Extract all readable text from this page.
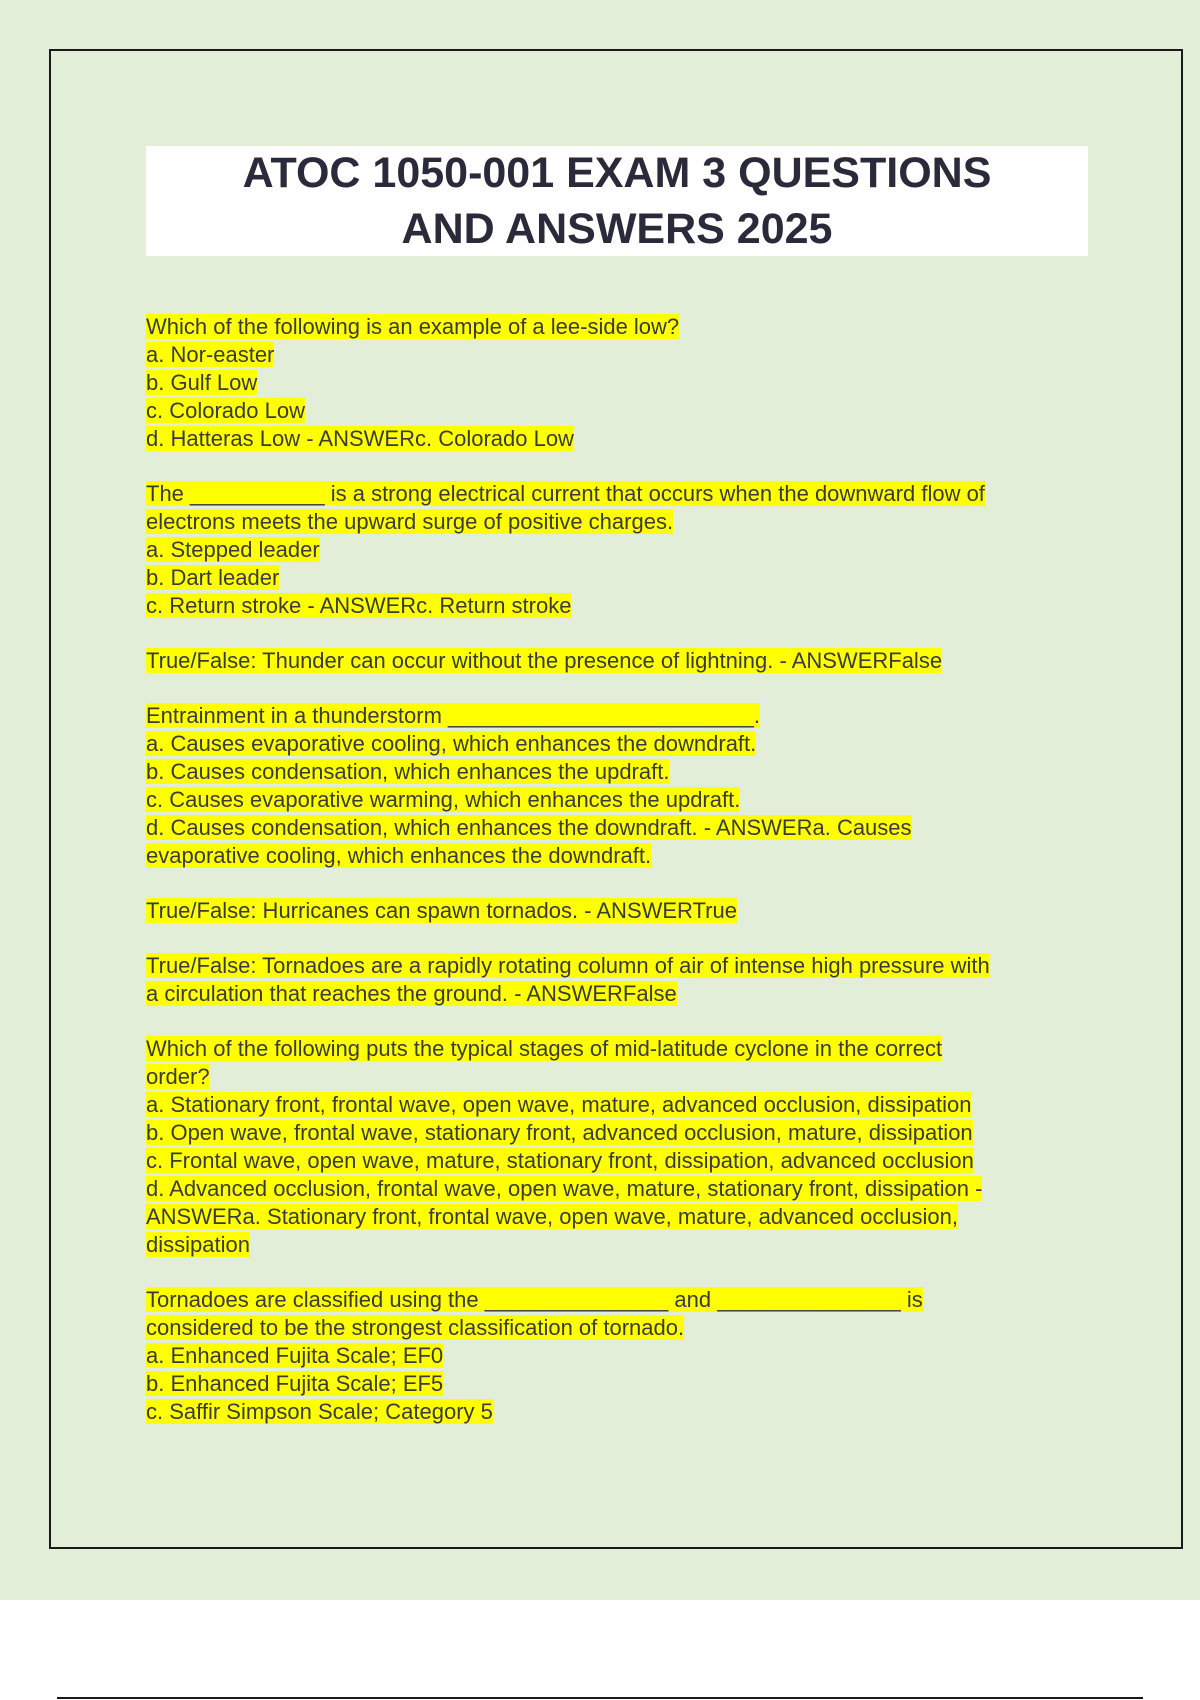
ATOC 1050-001 EXAM 3 QUESTIONS
AND ANSWERS 2025
Which of the following is an example of a lee-side low?
a. Nor-easter
b. Gulf Low
c. Colorado Low
d. Hatteras Low - ANSWERc. Colorado Low
The ___________ is a strong electrical current that occurs when the downward flow of
electrons meets the upward surge of positive charges.
a. Stepped leader
b. Dart leader
c. Return stroke - ANSWERc. Return stroke
True/False: Thunder can occur without the presence of lightning. - ANSWERFalse
Entrainment in a thunderstorm _________________________.
a. Causes evaporative cooling, which enhances the downdraft.
b. Causes condensation, which enhances the updraft.
c. Causes evaporative warming, which enhances the updraft.
d. Causes condensation, which enhances the downdraft. - ANSWERa. Causes
evaporative cooling, which enhances the downdraft.
True/False: Hurricanes can spawn tornados. - ANSWERTrue
True/False: Tornadoes are a rapidly rotating column of air of intense high pressure with
a circulation that reaches the ground. - ANSWERFalse
Which of the following puts the typical stages of mid-latitude cyclone in the correct
order?
a. Stationary front, frontal wave, open wave, mature, advanced occlusion, dissipation
b. Open wave, frontal wave, stationary front, advanced occlusion, mature, dissipation
c. Frontal wave, open wave, mature, stationary front, dissipation, advanced occlusion
d. Advanced occlusion, frontal wave, open wave, mature, stationary front, dissipation -
ANSWERa. Stationary front, frontal wave, open wave, mature, advanced occlusion,
dissipation
Tornadoes are classified using the _______________ and _______________ is
considered to be the strongest classification of tornado.
a. Enhanced Fujita Scale; EF0
b. Enhanced Fujita Scale; EF5
c. Saffir Simpson Scale; Category 5
